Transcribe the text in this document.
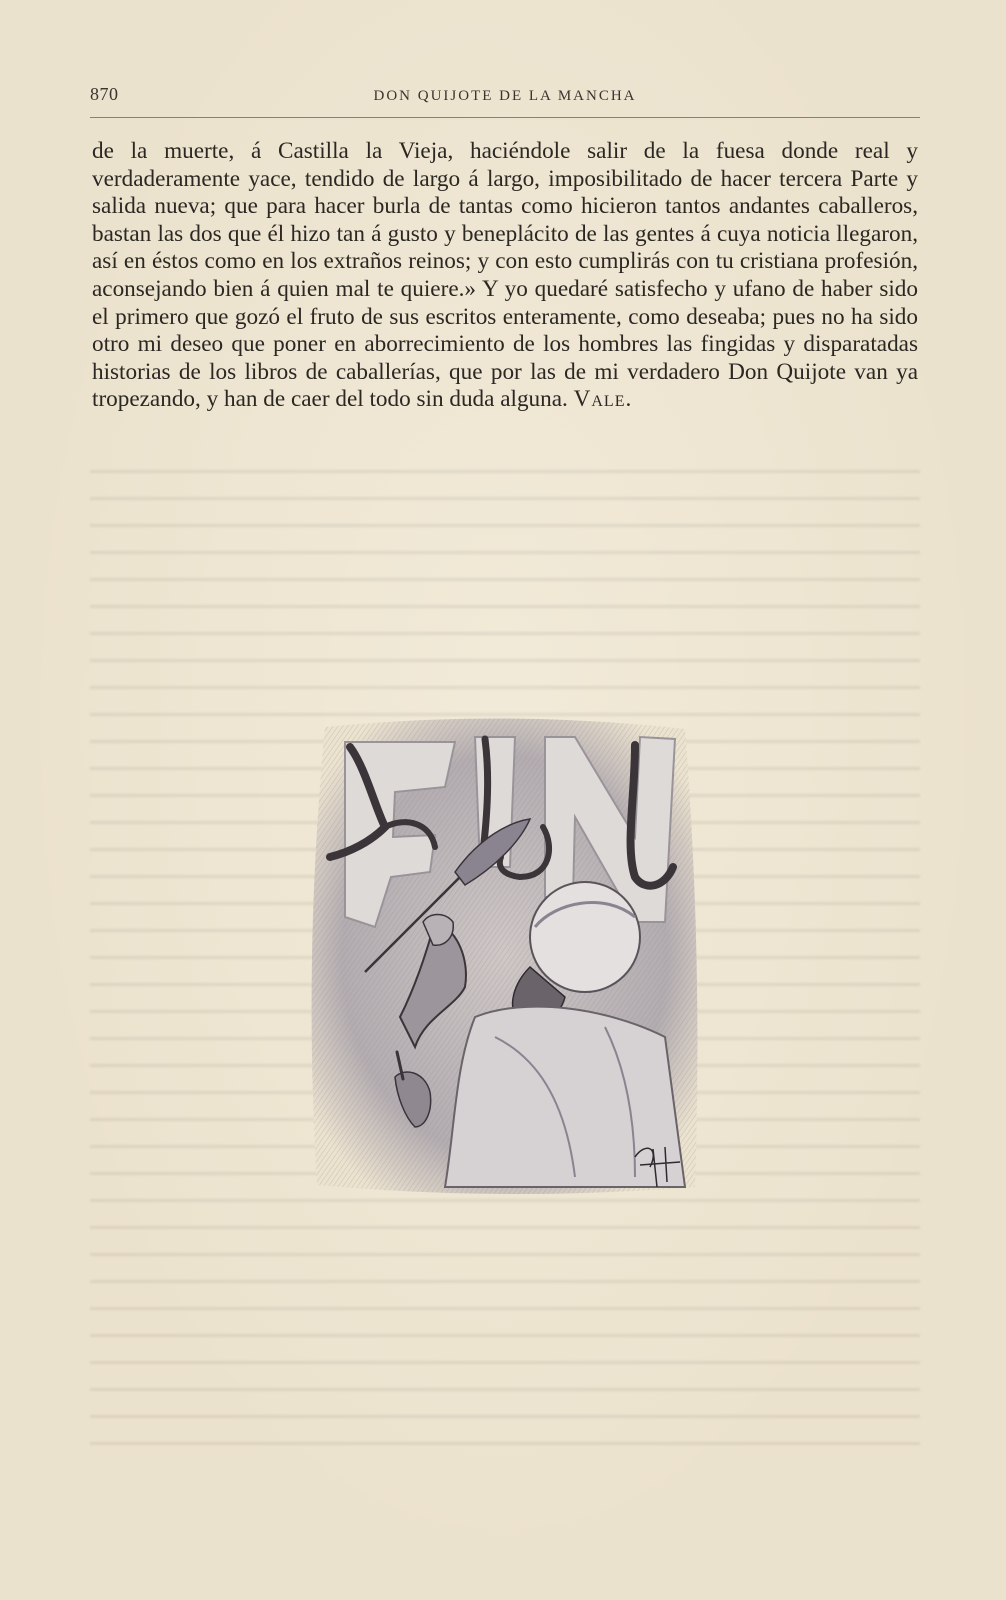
870	DON QUIJOTE DE LA MANCHA

de la muerte, á Castilla la Vieja, haciéndole salir de la fuesa donde real y verdaderamente yace, tendido de largo á largo, imposibilitado de hacer tercera Parte y salida nueva; que para hacer burla de tantas como hicieron tantos andantes caballeros, bastan las dos que él hizo tan á gusto y beneplácito de las gentes á cuya noticia llegaron, así en éstos como en los extraños reinos; y con esto cumplirás con tu cristiana profesión, aconsejando bien á quien mal te quiere.» Y yo quedaré satisfecho y ufano de haber sido el primero que gozó el fruto de sus escritos enteramente, como deseaba; pues no ha sido otro mi deseo que poner en aborrecimiento de los hombres las fingidas y disparatadas historias de los libros de caballerías, que por las de mi verdadero Don Quijote van ya tropezando, y han de caer del todo sin duda alguna. Vale.
